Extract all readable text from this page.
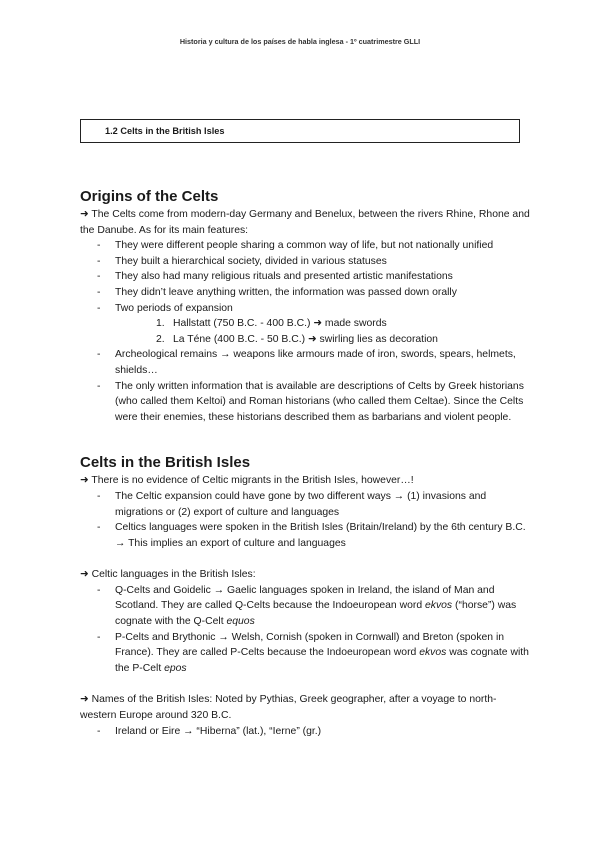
Historia y cultura de los países de habla inglesa - 1º cuatrimestre GLLI
1.2 Celts in the British Isles
Origins of the Celts

➜ The Celts come from modern-day Germany and Benelux, between the rivers Rhine, Rhone and the Danube. As for its main features:

- They were different people sharing a common way of life, but not nationally unified
- They built a hierarchical society, divided in various statuses
- They also had many religious rituals and presented artistic manifestations
- They didn’t leave anything written, the information was passed down orally
- Two periods of expansion
1. Hallstatt (750 B.C. - 400 B.C.) ➜ made swords
2. La Téne (400 B.C. - 50 B.C.) ➜ swirling lies as decoration
- Archeological remains → weapons like armours made of iron, swords, spears, helmets, shields…
- The only written information that is available are descriptions of Celts by Greek historians (who called them Keltoi) and Roman historians (who called them Celtae). Since the Celts were their enemies, these historians described them as barbarians and violent people.
Celts in the British Isles

➜ There is no evidence of Celtic migrants in the British Isles, however…!

- The Celtic expansion could have gone by two different ways → (1) invasions and migrations or (2) export of culture and languages
- Celtics languages were spoken in the British Isles (Britain/Ireland) by the 6th century B.C. → This implies an export of culture and languages

➜ Celtic languages in the British Isles:

- Q-Celts and Goidelic → Gaelic languages spoken in Ireland, the island of Man and Scotland. They are called Q-Celts because the Indoeuropean word ekvos (“horse”) was cognate with the Q-Celt equos
- P-Celts and Brythonic → Welsh, Cornish (spoken in Cornwall) and Breton (spoken in France). They are called P-Celts because the Indoeuropean word ekvos was cognate with the P-Celt epos

➜ Names of the British Isles: Noted by Pythias, Greek geographer, after a voyage to north-western Europe around 320 B.C.

- Ireland or Eire → “Hiberna” (lat.), “Ierne” (gr.)
